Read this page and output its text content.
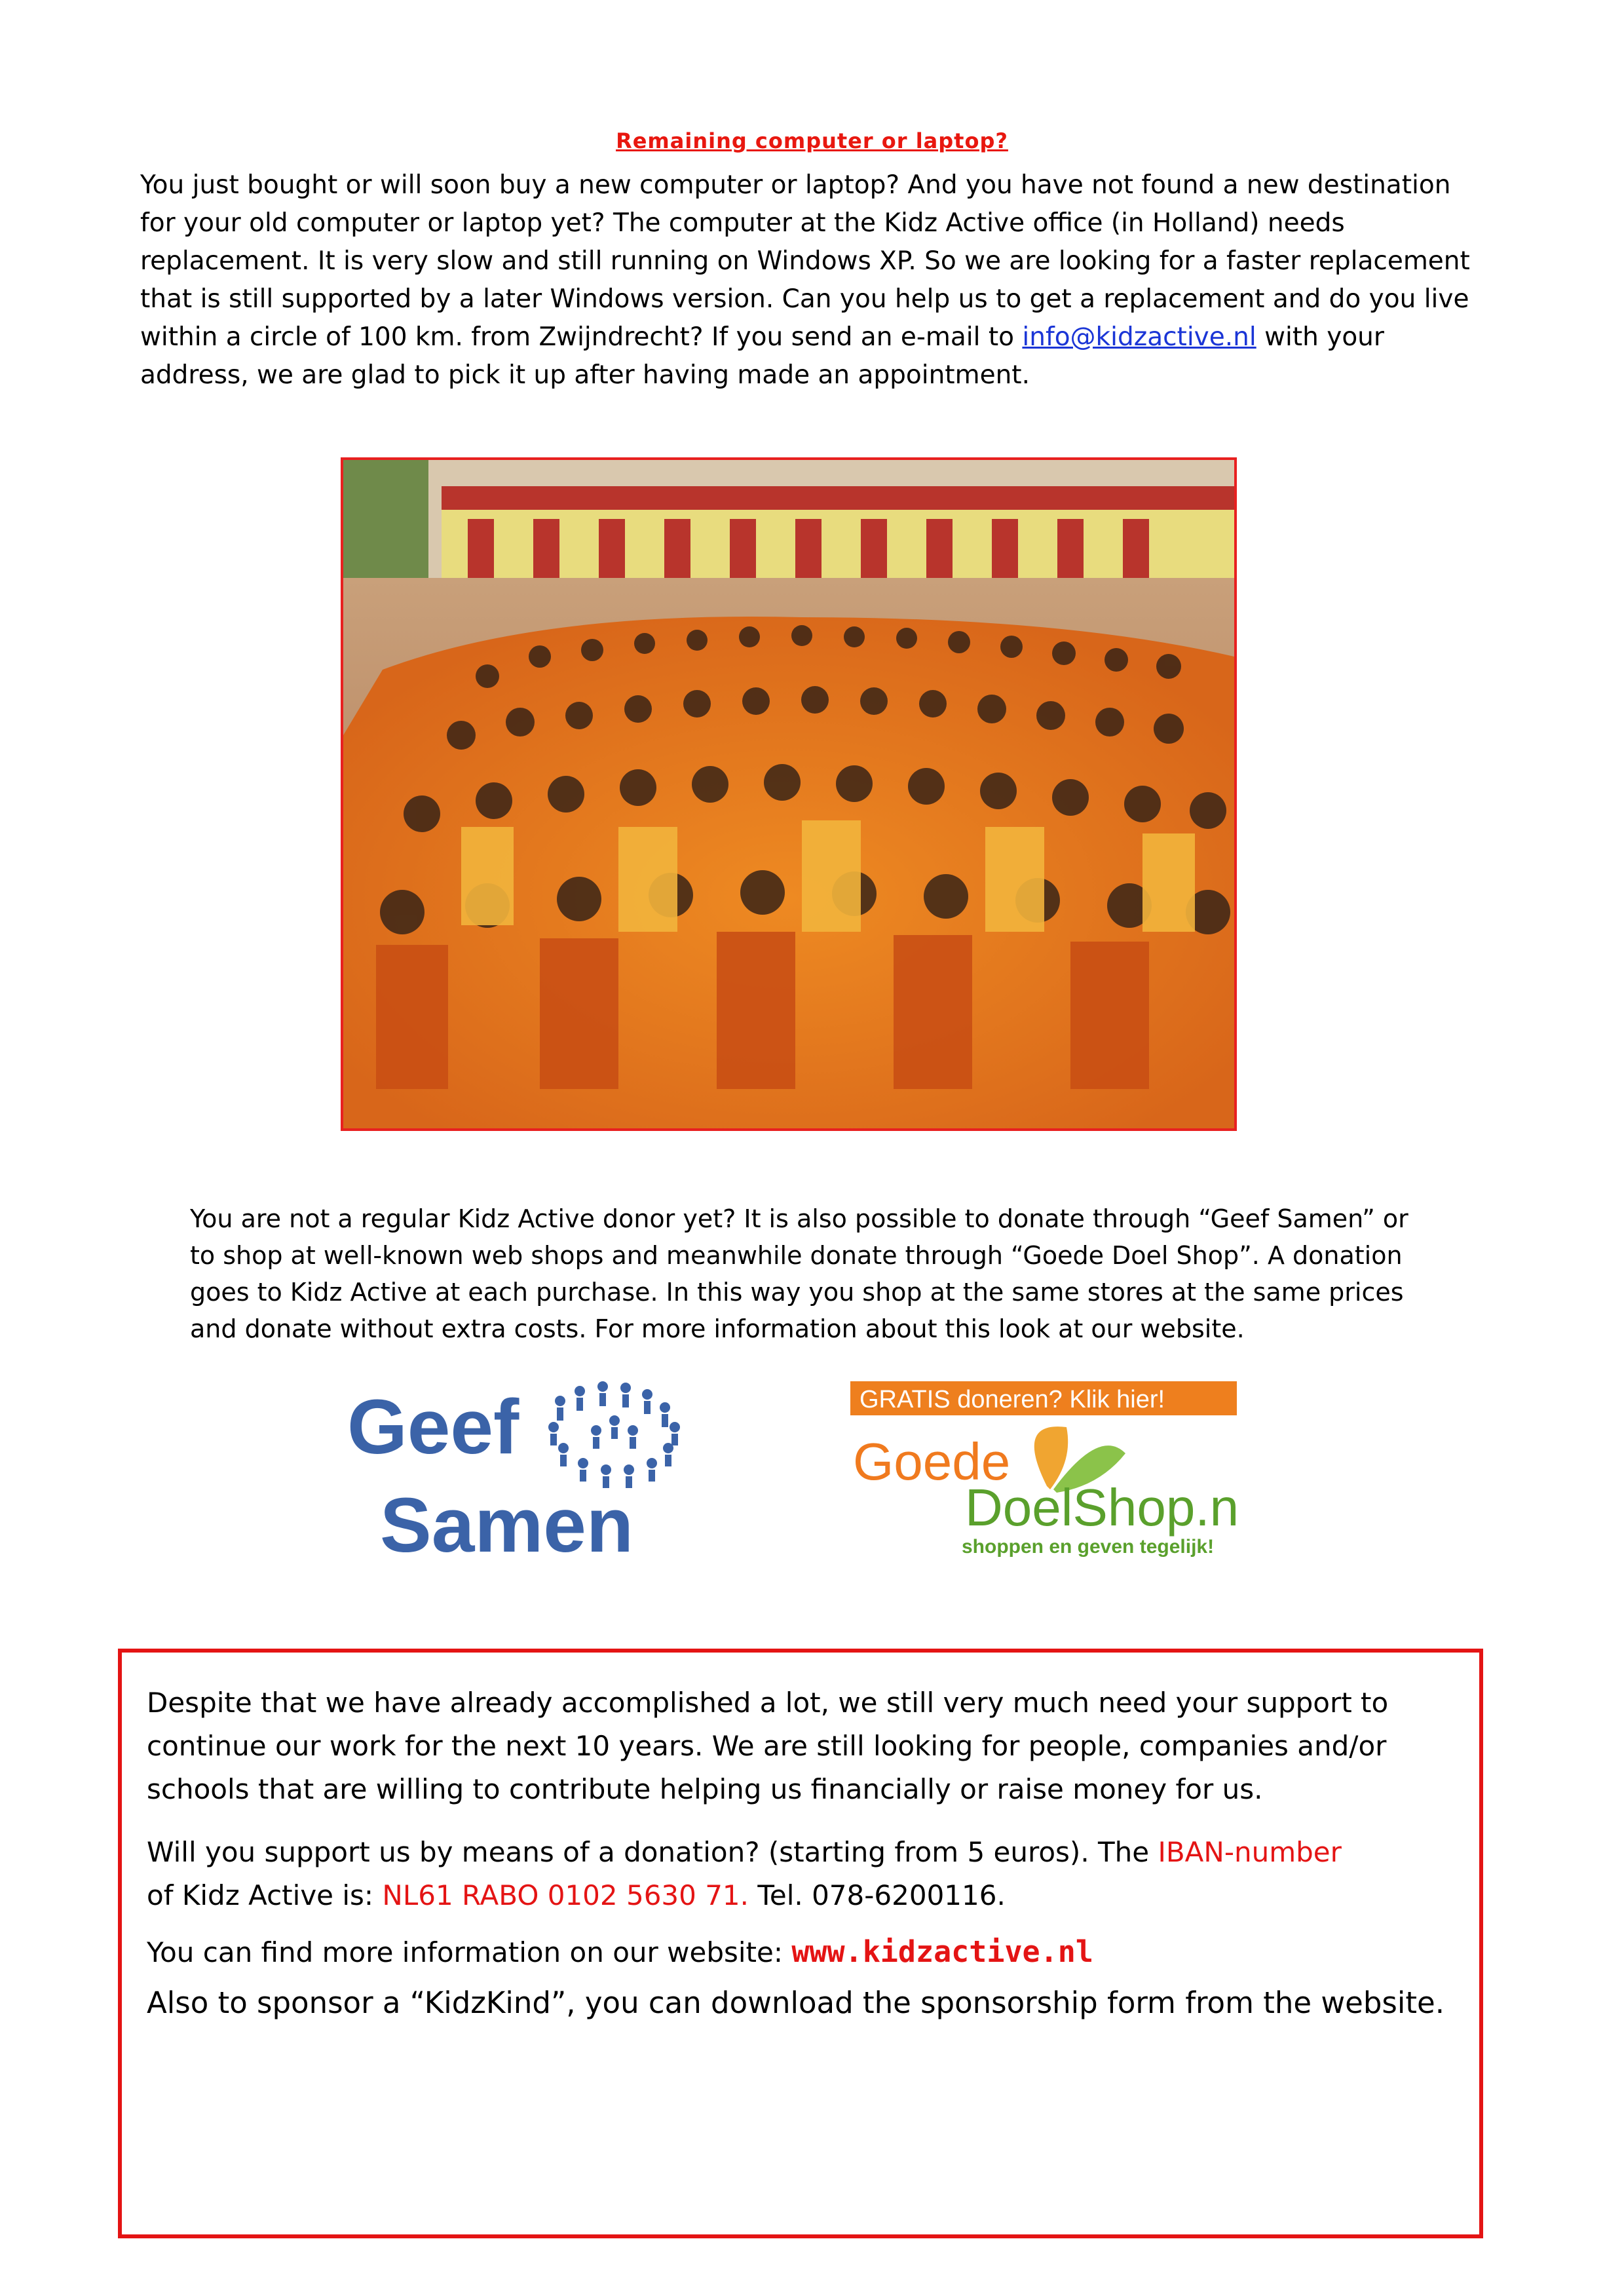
Remaining computer or laptop?
You just bought or will soon buy a new computer or laptop? And you have not found a new destination
for your old computer or laptop yet? The computer at the Kidz Active office (in Holland) needs
replacement. It is very slow and still running on Windows XP. So we are looking for a faster replacement
that is still supported by a later Windows version. Can you help us to get a replacement and do you live
within a circle of 100 km. from Zwijndrecht? If you send an e-mail to info@kidzactive.nl with your
address, we are glad to pick it up after having made an appointment.
You are not a regular Kidz Active donor yet? It is also possible to donate through “Geef Samen” or
to shop at well-known web shops and meanwhile donate through “Goede Doel Shop”. A donation
goes to Kidz Active at each purchase. In this way you shop at the same stores at the same prices
and donate without extra costs. For more information about this look at our website.
Geef
Samen
GRATIS doneren? Klik hier!
Goede
DoelShop.nl
shoppen en geven tegelijk!
Despite that we have already accomplished a lot, we still very much need your support to
continue our work for the next 10 years. We are still looking for people, companies and/or
schools that are willing to contribute helping us financially or raise money for us.
Will you support us by means of a donation? (starting from 5 euros). The IBAN-number
of Kidz Active is: NL61 RABO 0102 5630 71. Tel. 078-6200116.
You can find more information on our website: www.kidzactive.nl
Also to sponsor a “KidzKind”, you can download the sponsorship form from the website.
